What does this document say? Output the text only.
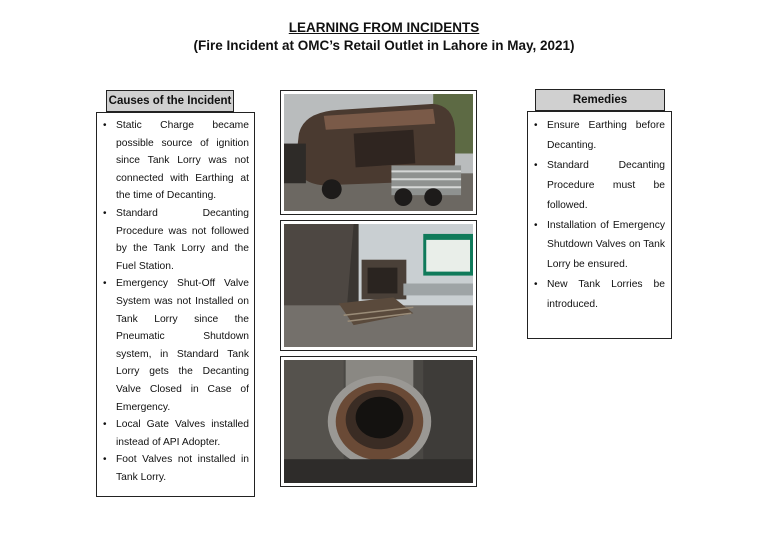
LEARNING FROM INCIDENTS
(Fire Incident at OMC’s Retail Outlet in Lahore in May, 2021)
Causes of the Incident
• Static Charge became possible source of ignition since Tank Lorry was not connected with Earthing at the time of Decanting.
• Standard Decanting Procedure was not followed by the Tank Lorry and the Fuel Station.
• Emergency Shut-Off Valve System was not Installed on Tank Lorry since the Pneumatic Shutdown system, in Standard Tank Lorry gets the Decanting Valve Closed in Case of Emergency.
• Local Gate Valves installed instead of API Adopter.
• Foot Valves not installed in Tank Lorry.
Remedies
• Ensure Earthing before Decanting.
• Standard Decanting Procedure must be followed.
• Installation of Emergency Shutdown Valves on Tank Lorry be ensured.
• New Tank Lorries be introduced.
